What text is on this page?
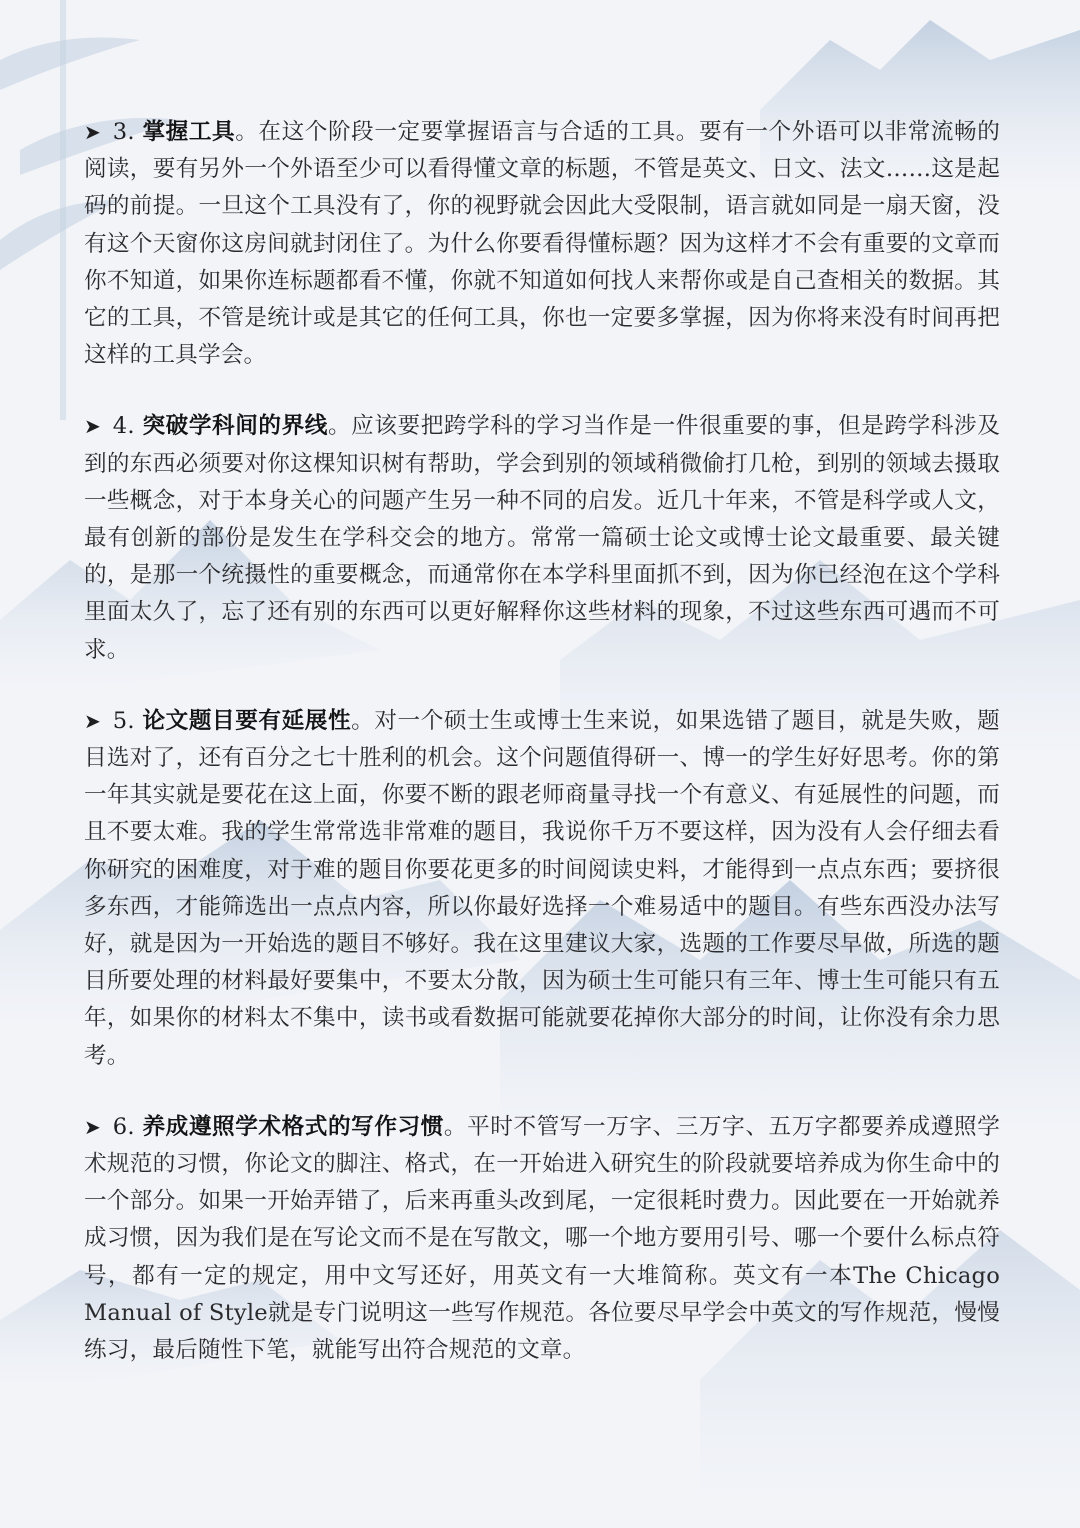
➤ 3. 掌握工具。在这个阶段一定要掌握语言与合适的工具。要有一个外语可以非常流畅的阅读，要有另外一个外语至少可以看得懂文章的标题，不管是英文、日文、法文……这是起码的前提。一旦这个工具没有了，你的视野就会因此大受限制，语言就如同是一扇天窗，没有这个天窗你这房间就封闭住了。为什么你要看得懂标题？因为这样才不会有重要的文章而你不知道，如果你连标题都看不懂，你就不知道如何找人来帮你或是自己查相关的数据。其它的工具，不管是统计或是其它的任何工具，你也一定要多掌握，因为你将来没有时间再把这样的工具学会。

➤ 4. 突破学科间的界线。应该要把跨学科的学习当作是一件很重要的事，但是跨学科涉及到的东西必须要对你这棵知识树有帮助，学会到别的领域稍微偷打几枪，到别的领域去摄取一些概念，对于本身关心的问题产生另一种不同的启发。近几十年来，不管是科学或人文，最有创新的部份是发生在学科交会的地方。常常一篇硕士论文或博士论文最重要、最关键的，是那一个统摄性的重要概念，而通常你在本学科里面抓不到，因为你已经泡在这个学科里面太久了，忘了还有别的东西可以更好解释你这些材料的现象，不过这些东西可遇而不可求。

➤ 5. 论文题目要有延展性。对一个硕士生或博士生来说，如果选错了题目，就是失败，题目选对了，还有百分之七十胜利的机会。这个问题值得研一、博一的学生好好思考。你的第一年其实就是要花在这上面，你要不断的跟老师商量寻找一个有意义、有延展性的问题，而且不要太难。我的学生常常选非常难的题目，我说你千万不要这样，因为没有人会仔细去看你研究的困难度，对于难的题目你要花更多的时间阅读史料，才能得到一点点东西；要挤很多东西，才能筛选出一点点内容，所以你最好选择一个难易适中的题目。有些东西没办法写好，就是因为一开始选的题目不够好。我在这里建议大家，选题的工作要尽早做，所选的题目所要处理的材料最好要集中，不要太分散，因为硕士生可能只有三年、博士生可能只有五年，如果你的材料太不集中，读书或看数据可能就要花掉你大部分的时间，让你没有余力思考。

➤ 6. 养成遵照学术格式的写作习惯。平时不管写一万字、三万字、五万字都要养成遵照学术规范的习惯，你论文的脚注、格式，在一开始进入研究生的阶段就要培养成为你生命中的一个部分。如果一开始弄错了，后来再重头改到尾，一定很耗时费力。因此要在一开始就养成习惯，因为我们是在写论文而不是在写散文，哪一个地方要用引号、哪一个要什么标点符号，都有一定的规定，用中文写还好，用英文有一大堆简称。英文有一本The Chicago Manual of Style就是专门说明这一些写作规范。各位要尽早学会中英文的写作规范，慢慢练习，最后随性下笔，就能写出符合规范的文章。
